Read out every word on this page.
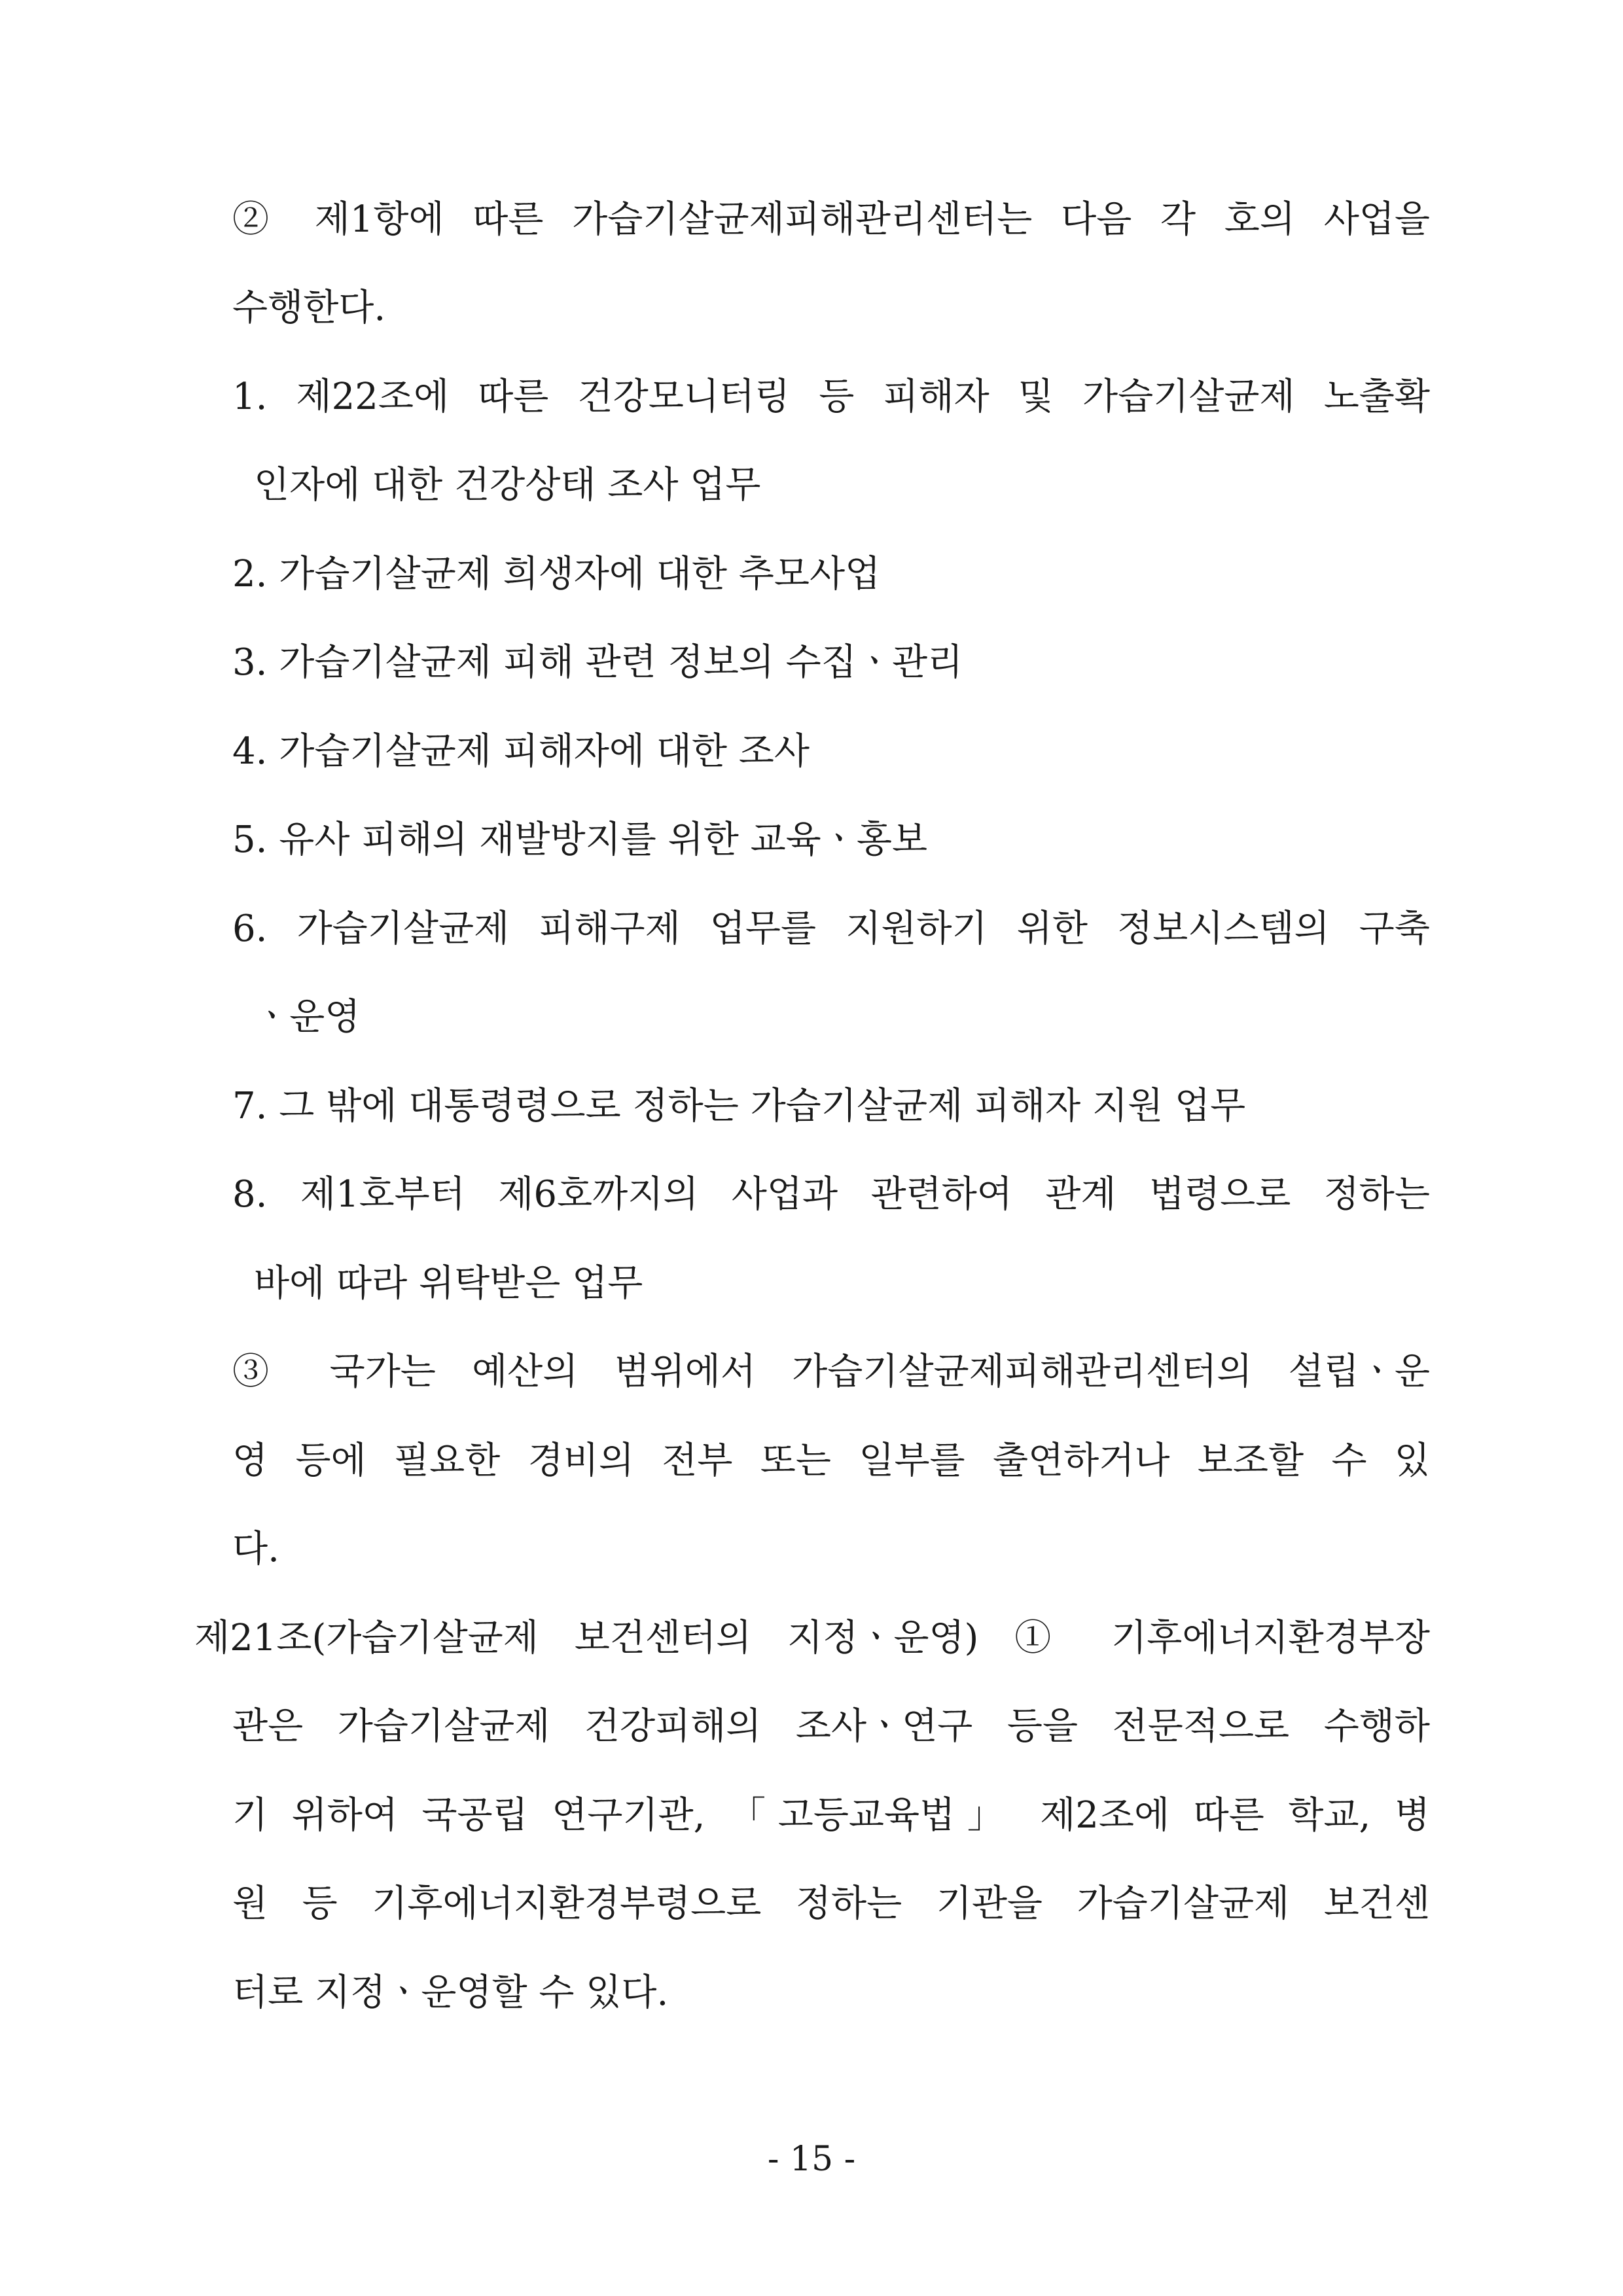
② 제1항에 따른 가습기살균제피해관리센터는 다음 각 호의 사업을
수행한다.
1. 제22조에 따른 건강모니터링 등 피해자 및 가습기살균제 노출확
인자에 대한 건강상태 조사 업무
2. 가습기살균제 희생자에 대한 추모사업
3. 가습기살균제 피해 관련 정보의 수집ㆍ관리
4. 가습기살균제 피해자에 대한 조사
5. 유사 피해의 재발방지를 위한 교육ㆍ홍보
6. 가습기살균제 피해구제 업무를 지원하기 위한 정보시스템의 구축
ㆍ운영
7. 그 밖에 대통령령으로 정하는 가습기살균제 피해자 지원 업무
8. 제1호부터 제6호까지의 사업과 관련하여 관계 법령으로 정하는
바에 따라 위탁받은 업무
③ 국가는 예산의 범위에서 가습기살균제피해관리센터의 설립ㆍ운
영 등에 필요한 경비의 전부 또는 일부를 출연하거나 보조할 수 있
다.
제21조(가습기살균제 보건센터의 지정ㆍ운영) ① 기후에너지환경부장
관은 가습기살균제 건강피해의 조사ㆍ연구 등을 전문적으로 수행하
기 위하여 국공립 연구기관, 「고등교육법」 제2조에 따른 학교, 병
원 등 기후에너지환경부령으로 정하는 기관을 가습기살균제 보건센
터로 지정ㆍ운영할 수 있다.
- 15 -
